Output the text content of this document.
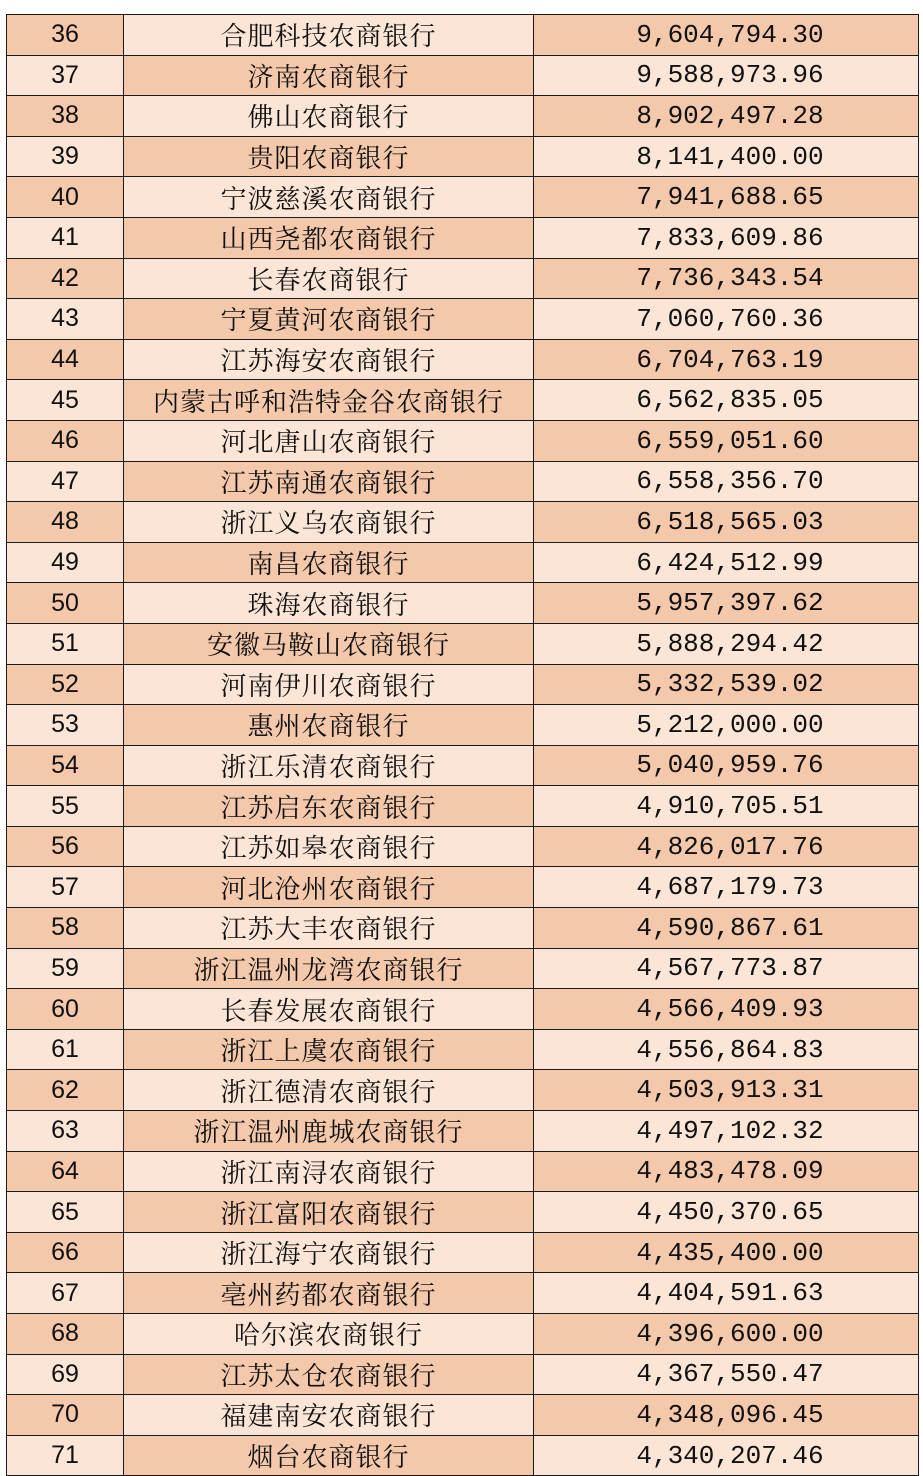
36	合肥科技农商银行	9,604,794.30
37	济南农商银行	9,588,973.96
38	佛山农商银行	8,902,497.28
39	贵阳农商银行	8,141,400.00
40	宁波慈溪农商银行	7,941,688.65
41	山西尧都农商银行	7,833,609.86
42	长春农商银行	7,736,343.54
43	宁夏黄河农商银行	7,060,760.36
44	江苏海安农商银行	6,704,763.19
45	内蒙古呼和浩特金谷农商银行	6,562,835.05
46	河北唐山农商银行	6,559,051.60
47	江苏南通农商银行	6,558,356.70
48	浙江义乌农商银行	6,518,565.03
49	南昌农商银行	6,424,512.99
50	珠海农商银行	5,957,397.62
51	安徽马鞍山农商银行	5,888,294.42
52	河南伊川农商银行	5,332,539.02
53	惠州农商银行	5,212,000.00
54	浙江乐清农商银行	5,040,959.76
55	江苏启东农商银行	4,910,705.51
56	江苏如皋农商银行	4,826,017.76
57	河北沧州农商银行	4,687,179.73
58	江苏大丰农商银行	4,590,867.61
59	浙江温州龙湾农商银行	4,567,773.87
60	长春发展农商银行	4,566,409.93
61	浙江上虞农商银行	4,556,864.83
62	浙江德清农商银行	4,503,913.31
63	浙江温州鹿城农商银行	4,497,102.32
64	浙江南浔农商银行	4,483,478.09
65	浙江富阳农商银行	4,450,370.65
66	浙江海宁农商银行	4,435,400.00
67	亳州药都农商银行	4,404,591.63
68	哈尔滨农商银行	4,396,600.00
69	江苏太仓农商银行	4,367,550.47
70	福建南安农商银行	4,348,096.45
71	烟台农商银行	4,340,207.46
